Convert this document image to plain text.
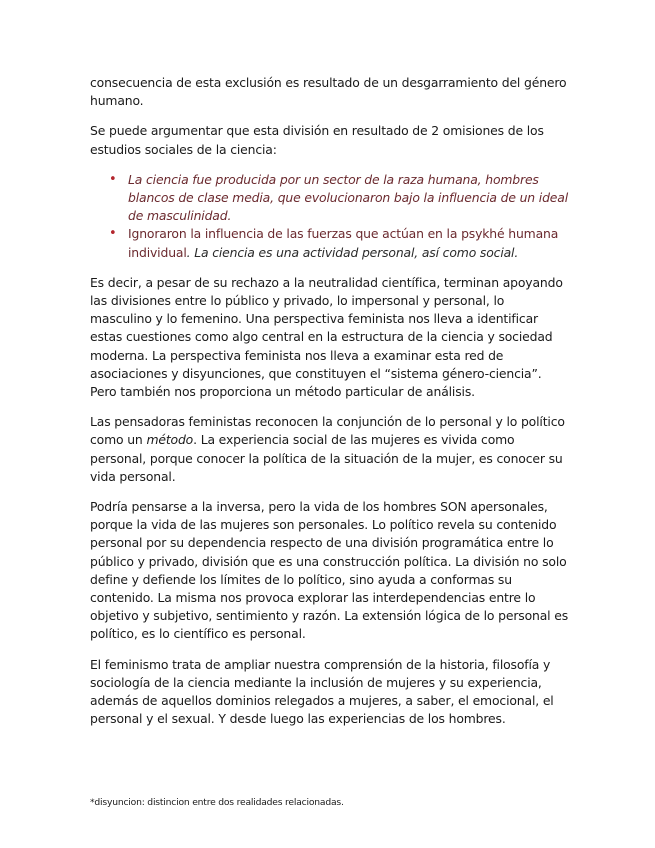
consecuencia de esta exclusión es resultado de un desgarramiento del género humano.

Se puede argumentar que esta división en resultado de 2 omisiones de los estudios sociales de la ciencia:

• La ciencia fue producida por un sector de la raza humana, hombres blancos de clase media, que evolucionaron bajo la influencia de un ideal de masculinidad.
• Ignoraron la influencia de las fuerzas que actúan en la psykhé humana individual. La ciencia es una actividad personal, así como social.

Es decir, a pesar de su rechazo a la neutralidad científica, terminan apoyando las divisiones entre lo público y privado, lo impersonal y personal, lo masculino y lo femenino. Una perspectiva feminista nos lleva a identificar estas cuestiones como algo central en la estructura de la ciencia y sociedad moderna. La perspectiva feminista nos lleva a examinar esta red de asociaciones y disyunciones, que constituyen el “sistema género-ciencia”. Pero también nos proporciona un método particular de análisis.

Las pensadoras feministas reconocen la conjunción de lo personal y lo político como un método. La experiencia social de las mujeres es vivida como personal, porque conocer la política de la situación de la mujer, es conocer su vida personal.

Podría pensarse a la inversa, pero la vida de los hombres SON apersonales, porque la vida de las mujeres son personales. Lo político revela su contenido personal por su dependencia respecto de una división programática entre lo público y privado, división que es una construcción política. La división no solo define y defiende los límites de lo político, sino ayuda a conformas su contenido. La misma nos provoca explorar las interdependencias entre lo objetivo y subjetivo, sentimiento y razón. La extensión lógica de lo personal es político, es lo científico es personal.

El feminismo trata de ampliar nuestra comprensión de la historia, filosofía y sociología de la ciencia mediante la inclusión de mujeres y su experiencia, además de aquellos dominios relegados a mujeres, a saber, el emocional, el personal y el sexual. Y desde luego las experiencias de los hombres.

*disyuncion: distincion entre dos realidades relacionadas.
